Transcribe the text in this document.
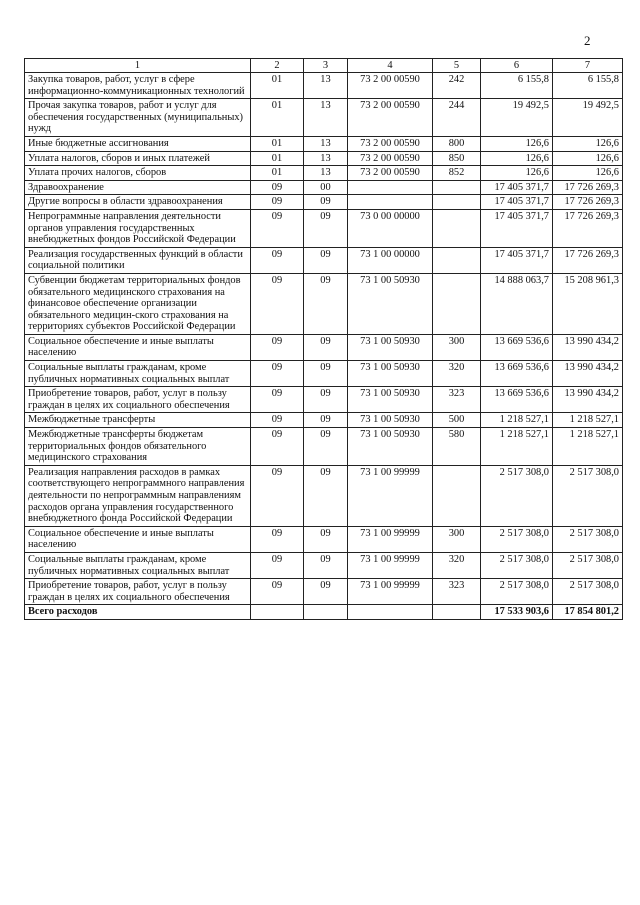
2
1	2	3	4	5	6	7
Закупка товаров, работ, услуг в сфере информационно-коммуникационных технологий	01	13	73 2 00 00590	242	6 155,8	6 155,8
Прочая закупка товаров, работ и услуг для обеспечения государственных (муниципальных) нужд	01	13	73 2 00 00590	244	19 492,5	19 492,5
Иные бюджетные ассигнования	01	13	73 2 00 00590	800	126,6	126,6
Уплата налогов, сборов и иных платежей	01	13	73 2 00 00590	850	126,6	126,6
Уплата прочих налогов, сборов	01	13	73 2 00 00590	852	126,6	126,6
Здравоохранение	09	00			17 405 371,7	17 726 269,3
Другие вопросы в области здравоохранения	09	09			17 405 371,7	17 726 269,3
Непрограммные направления деятельности органов управления государственных внебюджетных фондов Российской Федерации	09	09	73 0 00 00000		17 405 371,7	17 726 269,3
Реализация государственных функций в области социальной политики	09	09	73 1 00 00000		17 405 371,7	17 726 269,3
Субвенции бюджетам территориальных фондов обязательного медицинского страхования на финансовое обеспечение организации обязательного медицин-ского страхования на территориях субъектов Российской Федерации	09	09	73 1 00 50930		14 888 063,7	15 208 961,3
Социальное обеспечение и иные выплаты населению	09	09	73 1 00 50930	300	13 669 536,6	13 990 434,2
Социальные выплаты гражданам, кроме публичных нормативных социальных выплат	09	09	73 1 00 50930	320	13 669 536,6	13 990 434,2
Приобретение товаров, работ, услуг в пользу граждан в целях их социального обеспечения	09	09	73 1 00 50930	323	13 669 536,6	13 990 434,2
Межбюджетные трансферты	09	09	73 1 00 50930	500	1 218 527,1	1 218 527,1
Межбюджетные трансферты бюджетам территориальных фондов обязательного медицинского страхования	09	09	73 1 00 50930	580	1 218 527,1	1 218 527,1
Реализация направления расходов в рамках соответствующего непрограммного направления деятельности по непрограммным направлениям расходов органа управления государственного внебюджетного фонда Российской Федерации	09	09	73 1 00 99999		2 517 308,0	2 517 308,0
Социальное обеспечение и иные выплаты населению	09	09	73 1 00 99999	300	2 517 308,0	2 517 308,0
Социальные выплаты гражданам, кроме публичных нормативных социальных выплат	09	09	73 1 00 99999	320	2 517 308,0	2 517 308,0
Приобретение товаров, работ, услуг в пользу граждан в целях их социального обеспечения	09	09	73 1 00 99999	323	2 517 308,0	2 517 308,0
Всего расходов					17 533 903,6	17 854 801,2
